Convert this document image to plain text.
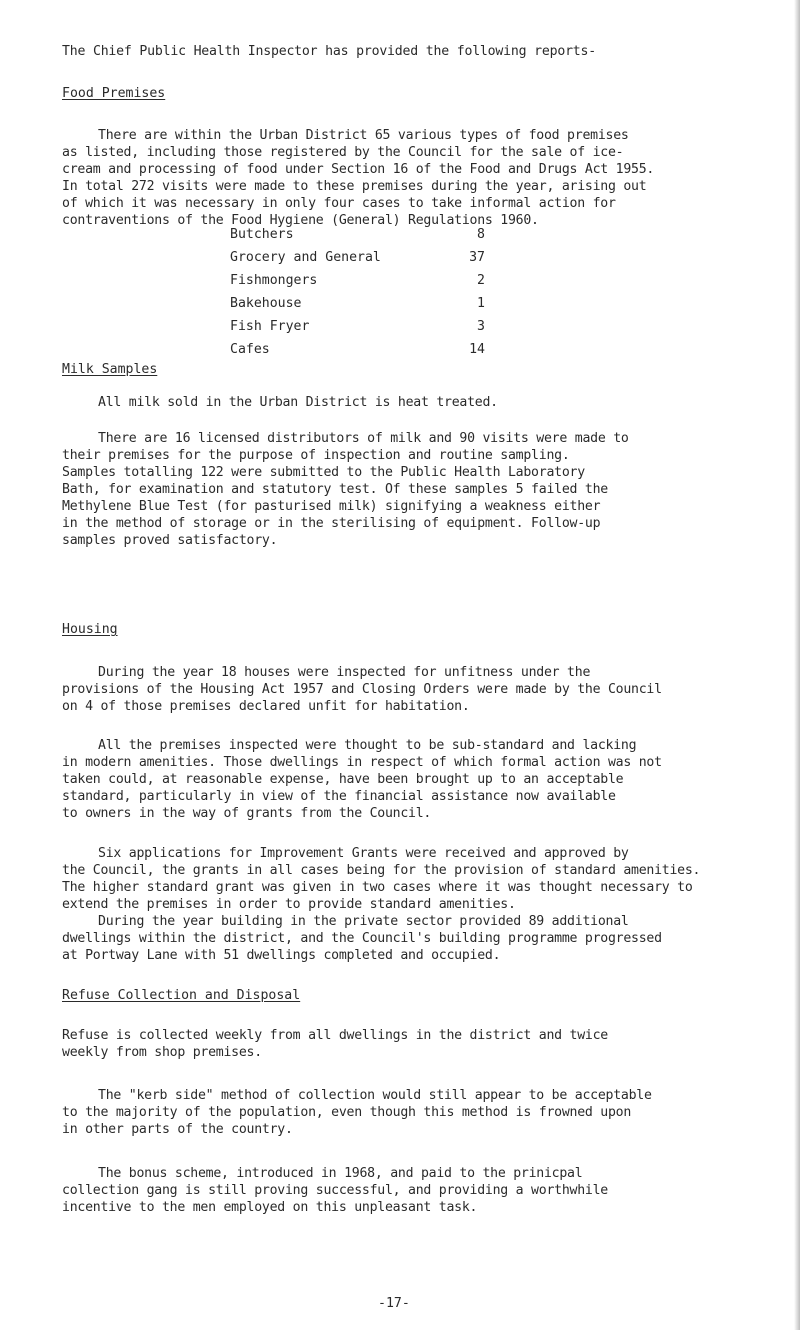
The Chief Public Health Inspector has provided the following reports-
Food Premises
There are within the Urban District 65 various types of food premises
as listed, including those registered by the Council for the sale of ice-
cream and processing of food under Section 16 of the Food and Drugs Act 1955.
In total 272 visits were made to these premises during the year, arising out
of which it was necessary in only four cases to take informal action for
contraventions of the Food Hygiene (General) Regulations 1960.
Butchers	8
Grocery and General	37
Fishmongers	2
Bakehouse	1
Fish Fryer	3
Cafes	14
Milk Samples
All milk sold in the Urban District is heat treated.
There are 16 licensed distributors of milk and 90 visits were made to
their premises for the purpose of inspection and routine sampling.
Samples totalling 122 were submitted to the Public Health Laboratory
Bath, for examination and statutory test. Of these samples 5 failed the
Methylene Blue Test (for pasturised milk) signifying a weakness either
in the method of storage or in the sterilising of equipment. Follow-up
samples proved satisfactory.
Housing
During the year 18 houses were inspected for unfitness under the
provisions of the Housing Act 1957 and Closing Orders were made by the Council
on 4 of those premises declared unfit for habitation.
All the premises inspected were thought to be sub-standard and lacking
in modern amenities. Those dwellings in respect of which formal action was not
taken could, at reasonable expense, have been brought up to an acceptable
standard, particularly in view of the financial assistance now available
to owners in the way of grants from the Council.
Six applications for Improvement Grants were received and approved by
the Council, the grants in all cases being for the provision of standard amenities.
The higher standard grant was given in two cases where it was thought necessary to
extend the premises in order to provide standard amenities.
During the year building in the private sector provided 89 additional
dwellings within the district, and the Council's building programme progressed
at Portway Lane with 51 dwellings completed and occupied.
Refuse Collection and Disposal
Refuse is collected weekly from all dwellings in the district and twice
weekly from shop premises.
The "kerb side" method of collection would still appear to be acceptable
to the majority of the population, even though this method is frowned upon
in other parts of the country.
The bonus scheme, introduced in 1968, and paid to the prinicpal
collection gang is still proving successful, and providing a worthwhile
incentive to the men employed on this unpleasant task.
-17-
